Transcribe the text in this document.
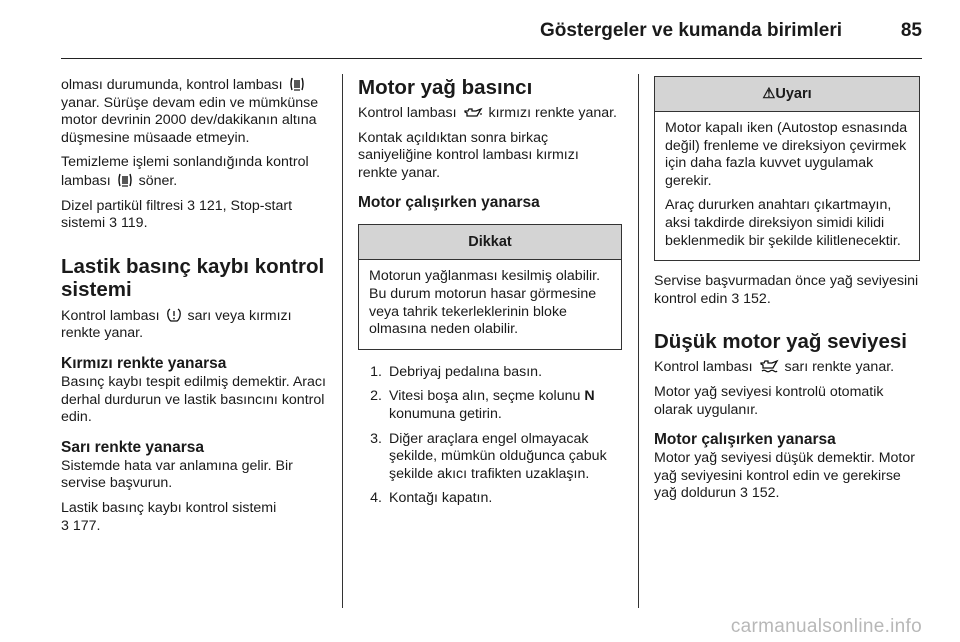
Göstergeler ve kumanda birimleri	85

olması durumunda, kontrol lambası  yanar. Sürüşe devam edin ve mümkünse motor devrinin 2000 dev/dakikanın altına düşmesine müsaade etmeyin.

Temizleme işlemi sonlandığında kontrol lambası söner.

Dizel partikül filtresi 3 121, Stop-start sistemi 3 119.

Lastik basınç kaybı kontrol sistemi

Kontrol lambası sarı veya kırmızı renkte yanar.

Kırmızı renkte yanarsa

Basınç kaybı tespit edilmiş demektir. Aracı derhal durdurun ve lastik basıncını kontrol edin.

Sarı renkte yanarsa

Sistemde hata var anlamına gelir. Bir servise başvurun.

Lastik basınç kaybı kontrol sistemi
3 177.

Motor yağ basıncı

Kontrol lambası kırmızı renkte yanar.

Kontak açıldıktan sonra birkaç saniyeliğine kontrol lambası kırmızı renkte yanar.

Motor çalışırken yanarsa
Dikkat

Motorun yağlanması kesilmiş olabilir. Bu durum motorun hasar görmesine veya tahrik tekerleklerinin bloke olmasına neden olabilir.

1. Debriyaj pedalına basın.
2. Vitesi boşa alın, seçme kolunu N konumuna getirin.
3. Diğer araçlara engel olmayacak şekilde, mümkün olduğunca çabuk şekilde akıcı trafikten uzaklaşın.
4. Kontağı kapatın.
⚠Uyarı

Motor kapalı iken (Autostop esnasında değil) frenleme ve direksiyon çevirmek için daha fazla kuvvet uygulamak gerekir.

Araç dururken anahtarı çıkartmayın, aksi takdirde direksiyon simidi kilidi beklenmedik bir şekilde kilitlenecektir.

Servise başvurmadan önce yağ seviyesini kontrol edin 3 152.

Düşük motor yağ seviyesi

Kontrol lambası sarı renkte yanar.

Motor yağ seviyesi kontrolü otomatik olarak uygulanır.

Motor çalışırken yanarsa

Motor yağ seviyesi düşük demektir. Motor yağ seviyesini kontrol edin ve gerekirse yağ doldurun 3 152.

carmanualsonline.info
